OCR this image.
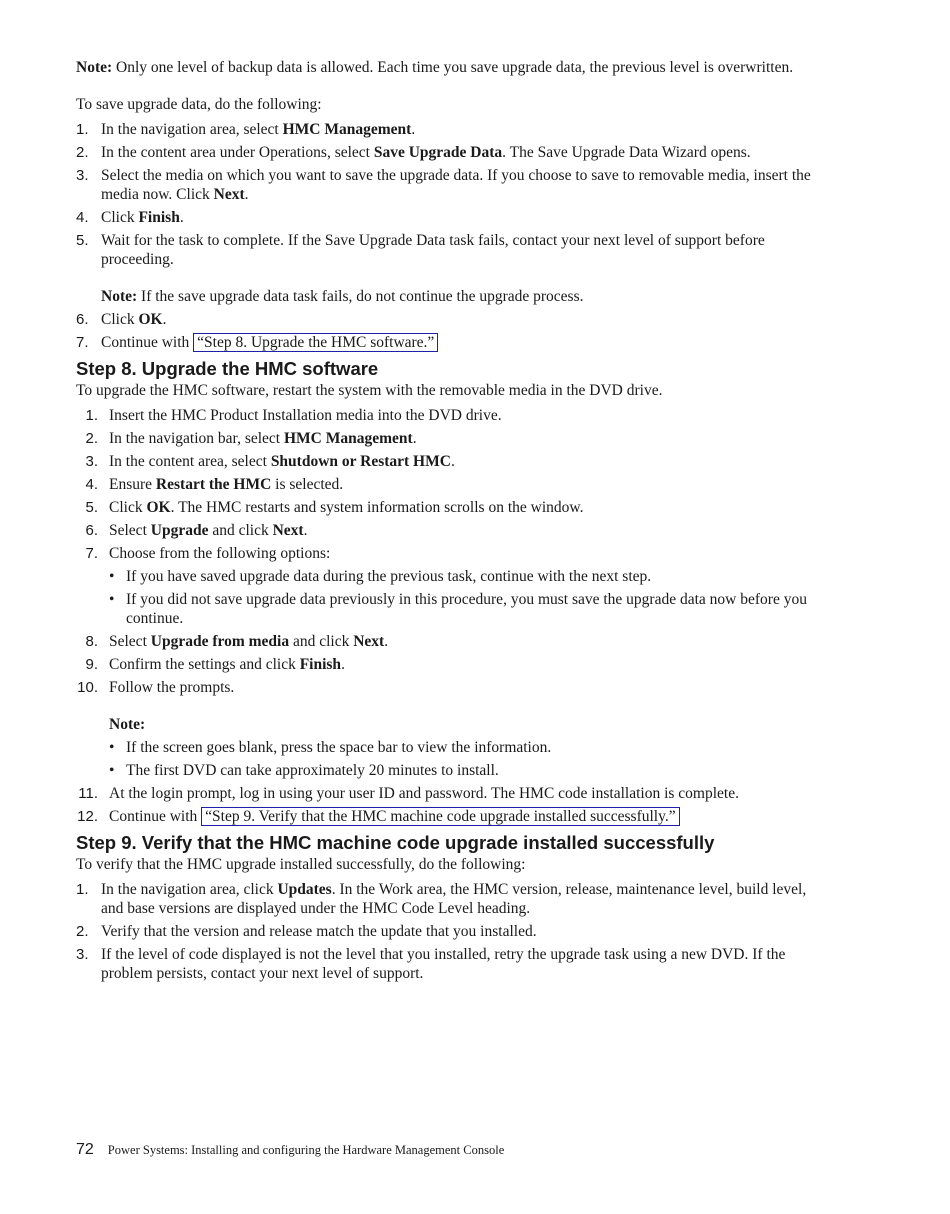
Note: Only one level of backup data is allowed. Each time you save upgrade data, the previous level is overwritten.

To save upgrade data, do the following:

1. In the navigation area, select HMC Management.
2. In the content area under Operations, select Save Upgrade Data. The Save Upgrade Data Wizard opens.
3. Select the media on which you want to save the upgrade data. If you choose to save to removable media, insert the media now. Click Next.
4. Click Finish.
5. Wait for the task to complete. If the Save Upgrade Data task fails, contact your next level of support before proceeding.

Note: If the save upgrade data task fails, do not continue the upgrade process.

6. Click OK.
7. Continue with “Step 8. Upgrade the HMC software.”
Step 8. Upgrade the HMC software

To upgrade the HMC software, restart the system with the removable media in the DVD drive.

1. Insert the HMC Product Installation media into the DVD drive.
2. In the navigation bar, select HMC Management.
3. In the content area, select Shutdown or Restart HMC.
4. Ensure Restart the HMC is selected.
5. Click OK. The HMC restarts and system information scrolls on the window.
6. Select Upgrade and click Next.
7. Choose from the following options:
• If you have saved upgrade data during the previous task, continue with the next step.
• If you did not save upgrade data previously in this procedure, you must save the upgrade data now before you continue.
8. Select Upgrade from media and click Next.
9. Confirm the settings and click Finish.
10. Follow the prompts.

Note:

• If the screen goes blank, press the space bar to view the information.
• The first DVD can take approximately 20 minutes to install.
11. At the login prompt, log in using your user ID and password. The HMC code installation is complete.
12. Continue with “Step 9. Verify that the HMC machine code upgrade installed successfully.”
Step 9. Verify that the HMC machine code upgrade installed successfully

To verify that the HMC upgrade installed successfully, do the following:

1. In the navigation area, click Updates. In the Work area, the HMC version, release, maintenance level, build level, and base versions are displayed under the HMC Code Level heading.
2. Verify that the version and release match the update that you installed.
3. If the level of code displayed is not the level that you installed, retry the upgrade task using a new DVD. If the problem persists, contact your next level of support.
72 Power Systems: Installing and configuring the Hardware Management Console
